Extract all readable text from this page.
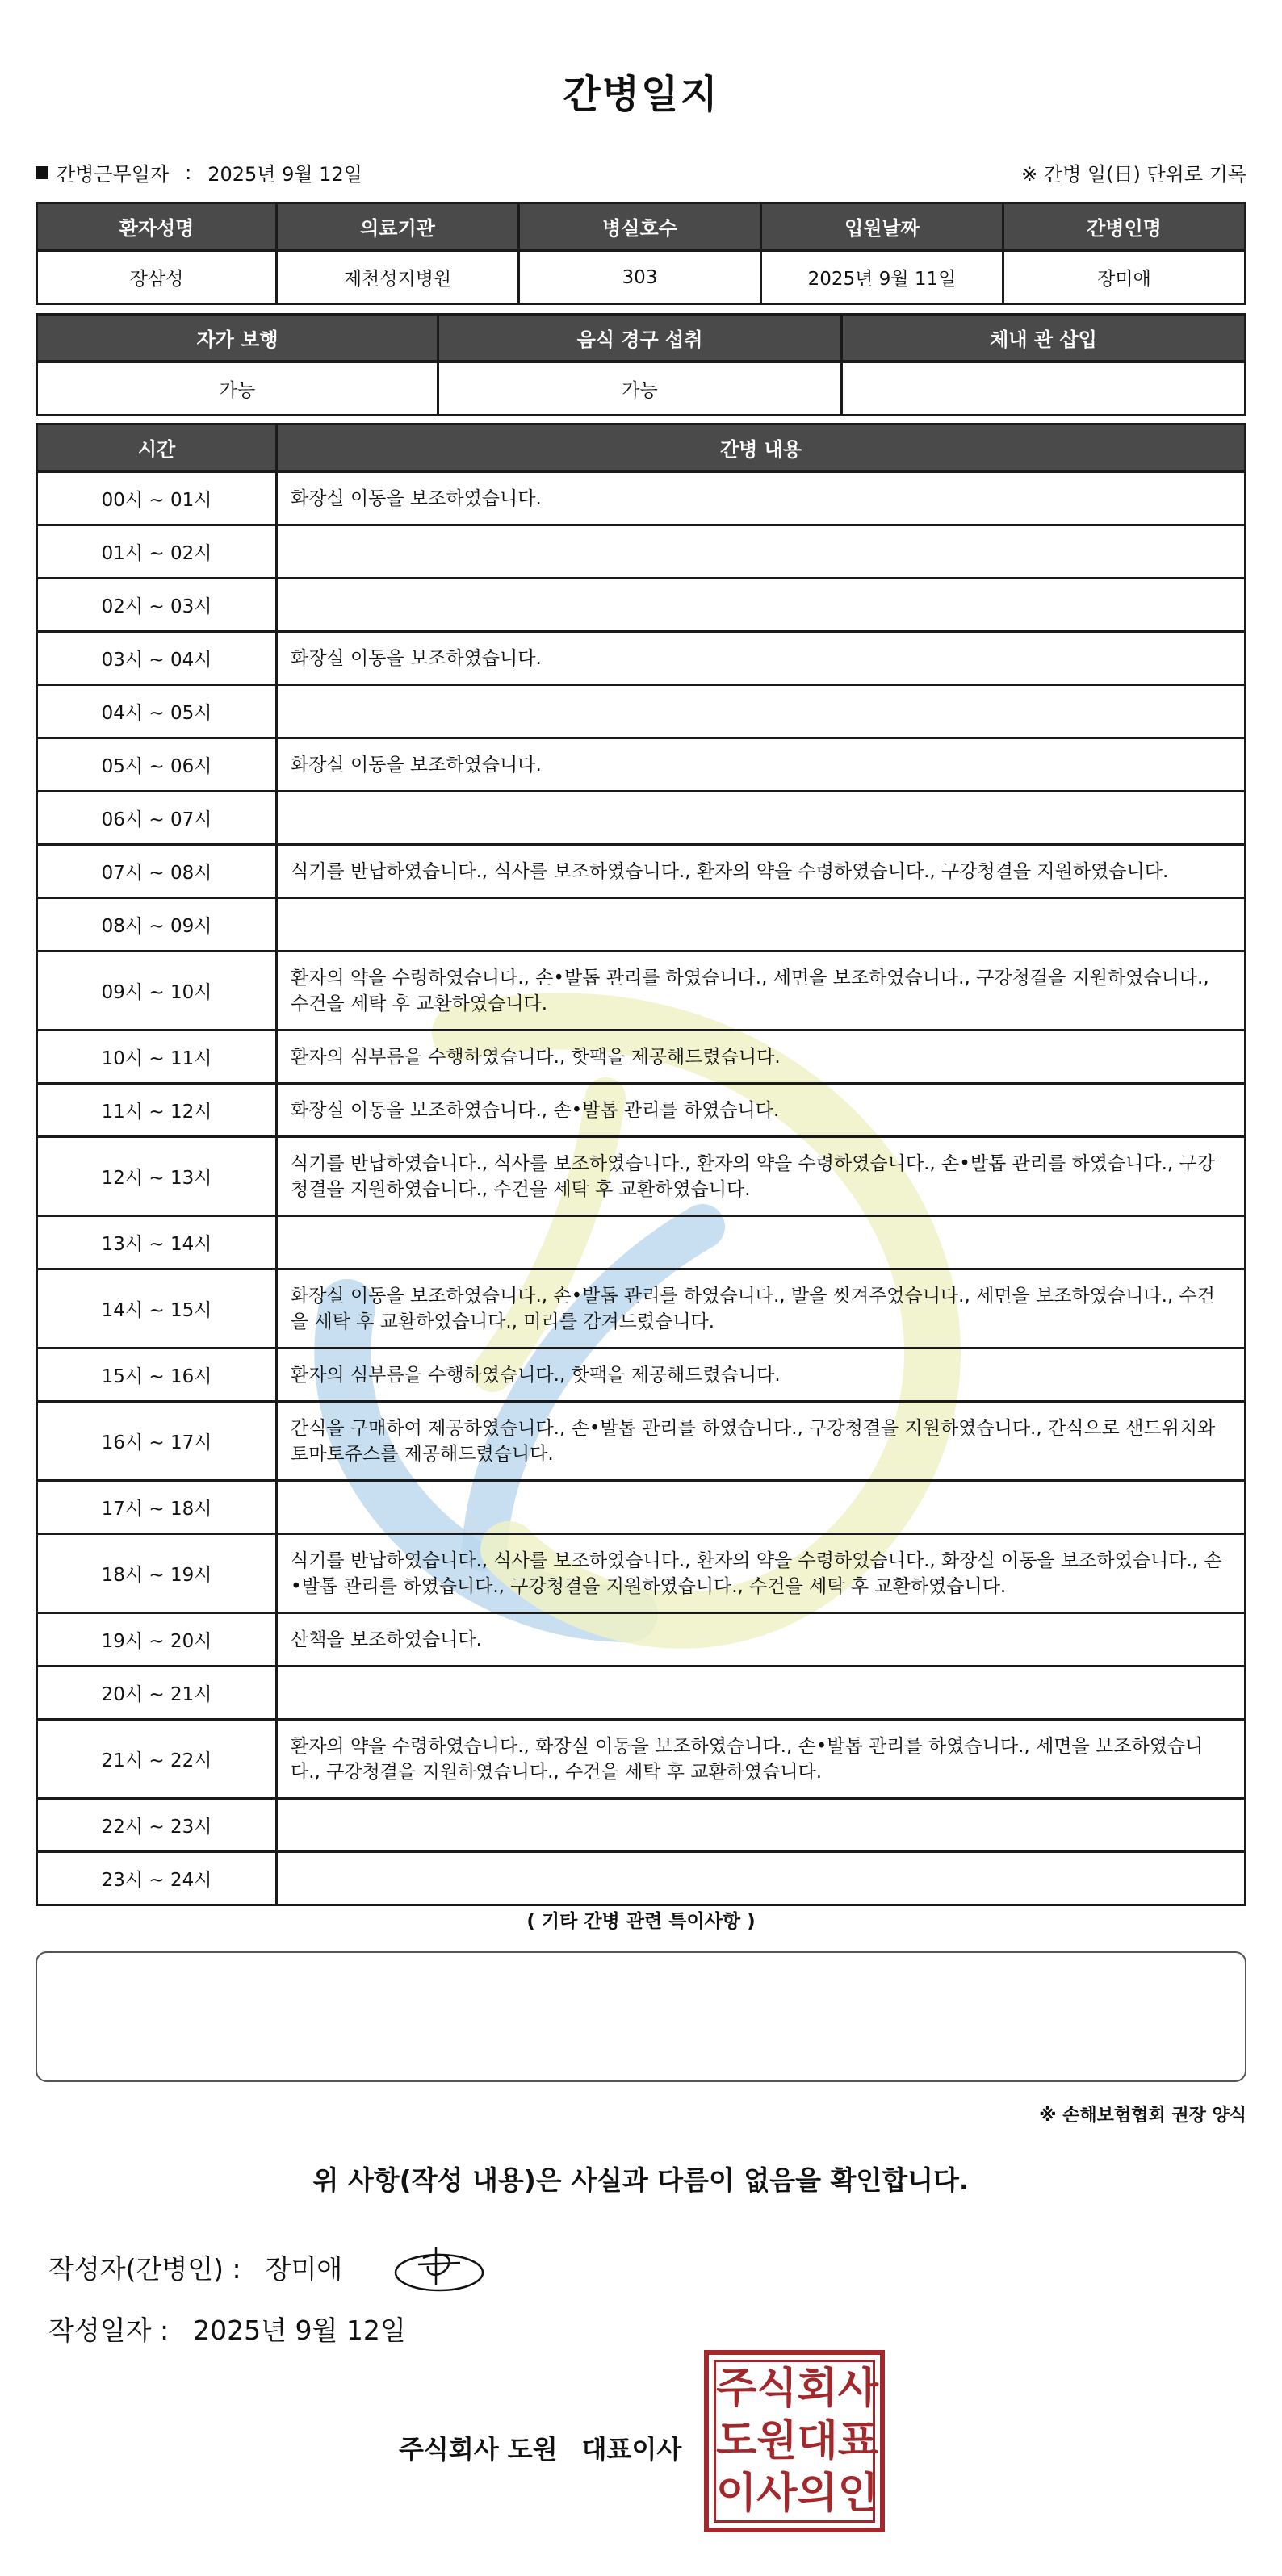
간병일지
간병근무일자 : 2025년 9월 12일	※ 간병 일(日) 단위로 기록
환자성명	의료기관	병실호수	입원날짜	간병인명
장삼성	제천성지병원	303	2025년 9월 11일	장미애
자가 보행	음식 경구 섭취	체내 관 삽입
가능	가능	
시간	간병 내용
00시 ~ 01시	화장실 이동을 보조하였습니다.
01시 ~ 02시	
02시 ~ 03시	
03시 ~ 04시	화장실 이동을 보조하였습니다.
04시 ~ 05시	
05시 ~ 06시	화장실 이동을 보조하였습니다.
06시 ~ 07시	
07시 ~ 08시	식기를 반납하였습니다., 식사를 보조하였습니다., 환자의 약을 수령하였습니다., 구강청결을 지원하였습니다.
08시 ~ 09시	
09시 ~ 10시	환자의 약을 수령하였습니다., 손•발톱 관리를 하였습니다., 세면을 보조하였습니다., 구강청결을 지원하였습니다., 수건을 세탁 후 교환하였습니다.
10시 ~ 11시	환자의 심부름을 수행하였습니다., 핫팩을 제공해드렸습니다.
11시 ~ 12시	화장실 이동을 보조하였습니다., 손•발톱 관리를 하였습니다.
12시 ~ 13시	식기를 반납하였습니다., 식사를 보조하였습니다., 환자의 약을 수령하였습니다., 손•발톱 관리를 하였습니다., 구강청결을 지원하였습니다., 수건을 세탁 후 교환하였습니다.
13시 ~ 14시	
14시 ~ 15시	화장실 이동을 보조하였습니다., 손•발톱 관리를 하였습니다., 발을 씻겨주었습니다., 세면을 보조하였습니다., 수건을 세탁 후 교환하였습니다., 머리를 감겨드렸습니다.
15시 ~ 16시	환자의 심부름을 수행하였습니다., 핫팩을 제공해드렸습니다.
16시 ~ 17시	간식을 구매하여 제공하였습니다., 손•발톱 관리를 하였습니다., 구강청결을 지원하였습니다., 간식으로 샌드위치와 토마토쥬스를 제공해드렸습니다.
17시 ~ 18시	
18시 ~ 19시	식기를 반납하였습니다., 식사를 보조하였습니다., 환자의 약을 수령하였습니다., 화장실 이동을 보조하였습니다., 손•발톱 관리를 하였습니다., 구강청결을 지원하였습니다., 수건을 세탁 후 교환하였습니다.
19시 ~ 20시	산책을 보조하였습니다.
20시 ~ 21시	
21시 ~ 22시	환자의 약을 수령하였습니다., 화장실 이동을 보조하였습니다., 손•발톱 관리를 하였습니다., 세면을 보조하였습니다., 구강청결을 지원하였습니다., 수건을 세탁 후 교환하였습니다.
22시 ~ 23시	
23시 ~ 24시	
( 기타 간병 관련 특이사항 )
※ 손해보험협회 권장 양식
위 사항(작성 내용)은 사실과 다름이 없음을 확인합니다.
작성자(간병인) : 장미애
작성일자 : 2025년 9월 12일
주식회사 도원 대표이사
주 식 회 사
도 원 대 표
이 사 의 인
